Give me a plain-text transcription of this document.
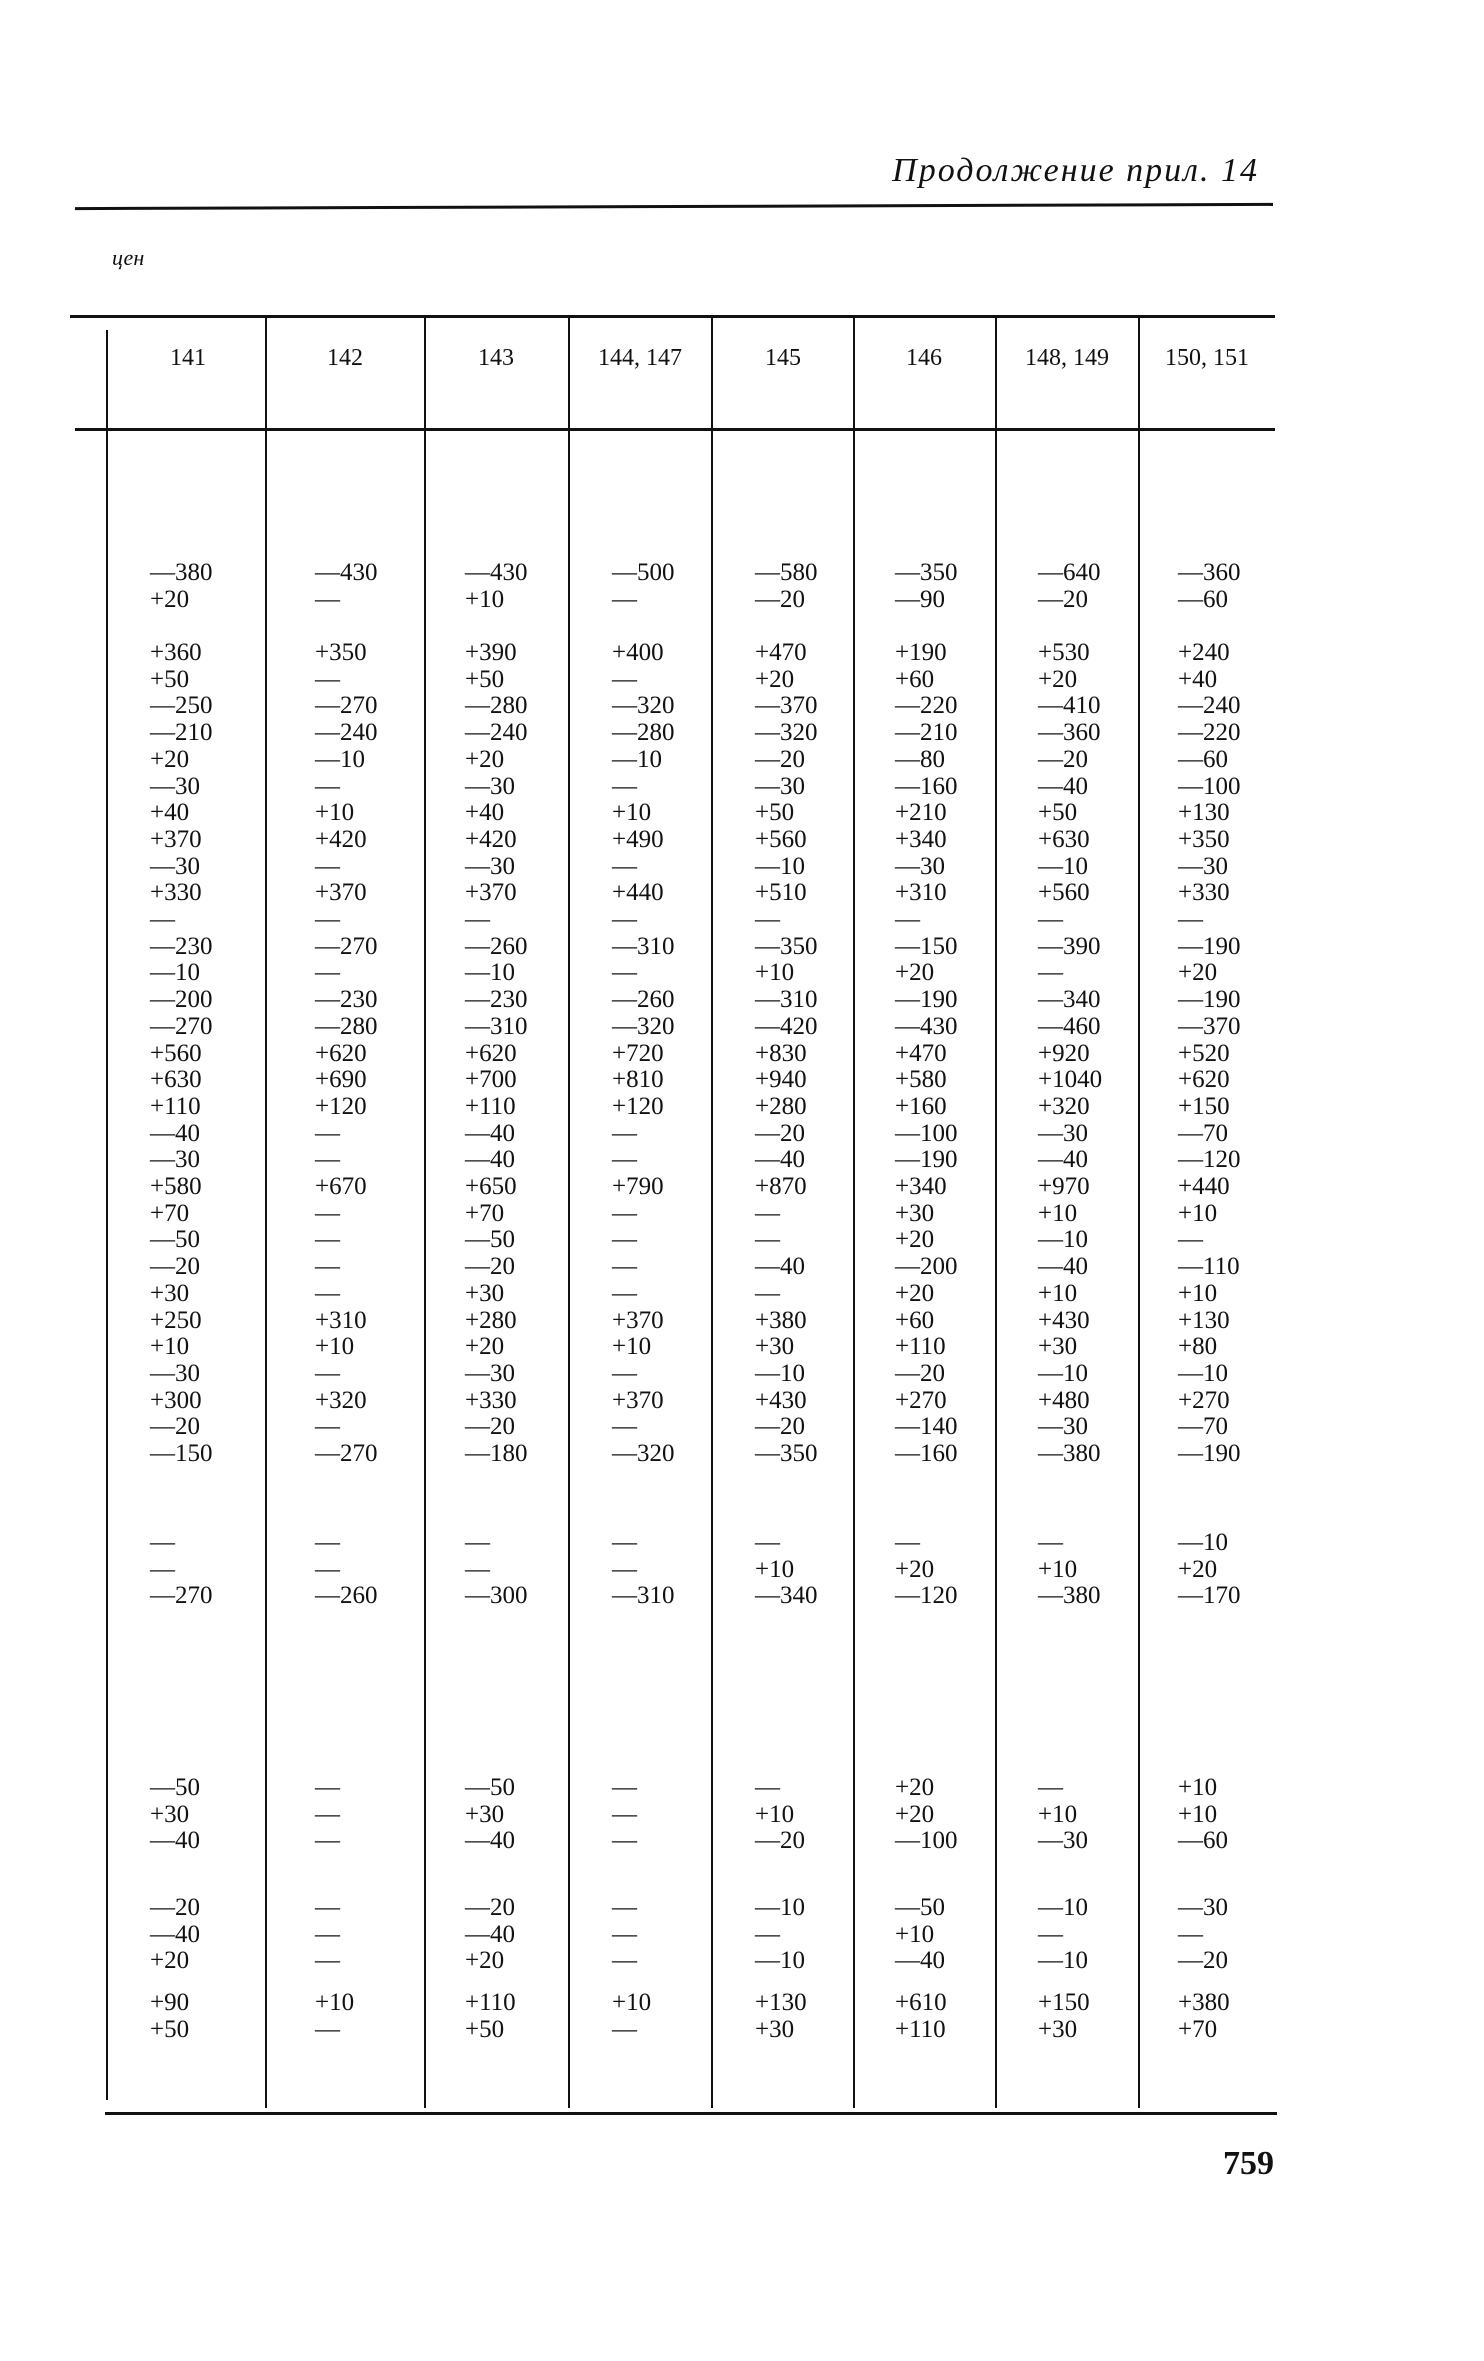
Продолжение прил. 14
цен
141
—380
+20
+360
+50
—250
—210
+20
—30
+40
+370
—30
+330
—
—230
—10
—200
—270
+560
+630
+110
—40
—30
+580
+70
—50
—20
+30
+250
+10
—30
+300
—20
—150
—
—
—270
—50
+30
—40
—20
—40
+20
+90
+50
142
—430
—
+350
—
—270
—240
—10
—
+10
+420
—
+370
—
—270
—
—230
—280
+620
+690
+120
—
—
+670
—
—
—
—
+310
+10
—
+320
—
—270
—
—
—260
—
—
—
—
—
—
+10
—
143
—430
+10
+390
+50
—280
—240
+20
—30
+40
+420
—30
+370
—
—260
—10
—230
—310
+620
+700
+110
—40
—40
+650
+70
—50
—20
+30
+280
+20
—30
+330
—20
—180
—
—
—300
—50
+30
—40
—20
—40
+20
+110
+50
144, 147
—500
—
+400
—
—320
—280
—10
—
+10
+490
—
+440
—
—310
—
—260
—320
+720
+810
+120
—
—
+790
—
—
—
—
+370
+10
—
+370
—
—320
—
—
—310
—
—
—
—
—
—
+10
—
145
—580
—20
+470
+20
—370
—320
—20
—30
+50
+560
—10
+510
—
—350
+10
—310
—420
+830
+940
+280
—20
—40
+870
—
—
—40
—
+380
+30
—10
+430
—20
—350
—
+10
—340
—
+10
—20
—10
—
—10
+130
+30
146
—350
—90
+190
+60
—220
—210
—80
—160
+210
+340
—30
+310
—
—150
+20
—190
—430
+470
+580
+160
—100
—190
+340
+30
+20
—200
+20
+60
+110
—20
+270
—140
—160
—
+20
—120
+20
+20
—100
—50
+10
—40
+610
+110
148, 149
—640
—20
+530
+20
—410
—360
—20
—40
+50
+630
—10
+560
—
—390
—
—340
—460
+920
+1040
+320
—30
—40
+970
+10
—10
—40
+10
+430
+30
—10
+480
—30
—380
—
+10
—380
—
+10
—30
—10
—
—10
+150
+30
150, 151
—360
—60
+240
+40
—240
—220
—60
—100
+130
+350
—30
+330
—
—190
+20
—190
—370
+520
+620
+150
—70
—120
+440
+10
—
—110
+10
+130
+80
—10
+270
—70
—190
—10
+20
—170
+10
+10
—60
—30
—
—20
+380
+70
759
